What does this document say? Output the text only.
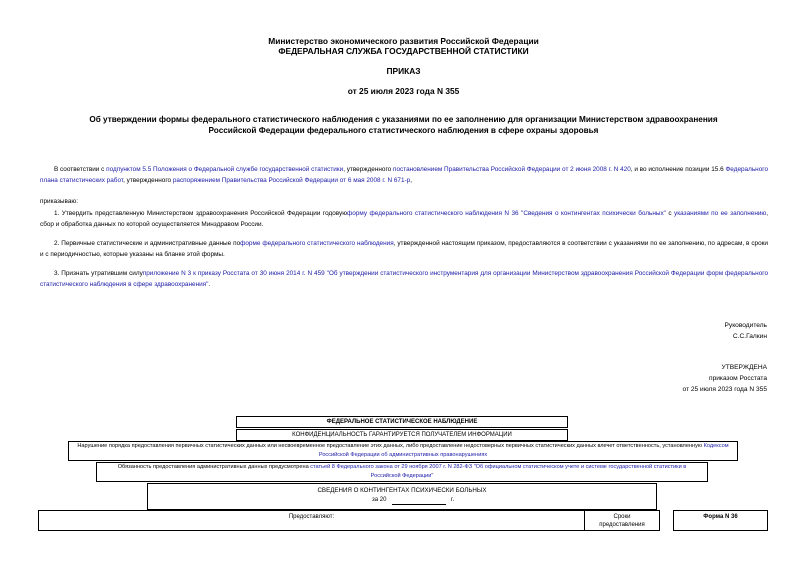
Министерство экономического развития Российской Федерации
ФЕДЕРАЛЬНАЯ СЛУЖБА ГОСУДАРСТВЕННОЙ СТАТИСТИКИ
ПРИКАЗ
от 25 июля 2023 года N 355
Об утверждении формы федерального статистического наблюдения с указаниями по ее заполнению для организации Министерством здравоохранения
Российской Федерации федерального статистического наблюдения в сфере охраны здоровья
В соответствии с подпунктом 5.5 Положения о Федеральной службе государственной статистики, утвержденного постановлением Правительства Российской Федерации от 2 июня 2008 г. N 420, и во исполнение позиции 15.6 Федерального плана статистических работ, утвержденного распоряжением Правительства Российской Федерации от 6 мая 2008 г. N 671-р,
приказываю:
1. Утвердить представленную Министерством здравоохранения Российской Федерации годовуюформу федерального статистического наблюдения N 36 "Сведения о контингентах психически больных" с указаниями по ее заполнению, сбор и обработка данных по которой осуществляется Минздравом России.
2. Первичные статистические и административные данные поформе федерального статистического наблюдения, утвержденной настоящим приказом, предоставляются в соответствии с указаниями по ее заполнению, по адресам, в сроки и с периодичностью, которые указаны на бланке этой формы.
3. Признать утратившим силуприложение N 3 к приказу Росстата от 30 июня 2014 г. N 459 "Об утверждении статистического инструментария для организации Министерством здравоохранения Российской Федерации форм федерального статистического наблюдения в сфере здравоохранения".
Руководитель
С.С.Галкин
УТВЕРЖДЕНА
приказом Росстата
от 25 июля 2023 года N 355
ФЕДЕРАЛЬНОЕ СТАТИСТИЧЕСКОЕ НАБЛЮДЕНИЕ
КОНФИДЕНЦИАЛЬНОСТЬ ГАРАНТИРУЕТСЯ ПОЛУЧАТЕЛЕМ ИНФОРМАЦИИ
Нарушение порядка предоставления первичных статистических данных или несвоевременное предоставление этих данных, либо предоставление недостоверных первичных статистических данных влечет ответственность, установленную Кодексом Российской Федерации об административных правонарушениях
Обязанность предоставления административных данных предусмотрена статьей 8 Федерального закона от 29 ноября 2007 г. N 282-ФЗ "Об официальном статистическом учете и системе государственной статистики в Российской Федерации"
СВЕДЕНИЯ О КОНТИНГЕНТАХ ПСИХИЧЕСКИ БОЛЬНЫХ
за 20	г.
Предоставляют:	Сроки предоставления
Форма N 36
